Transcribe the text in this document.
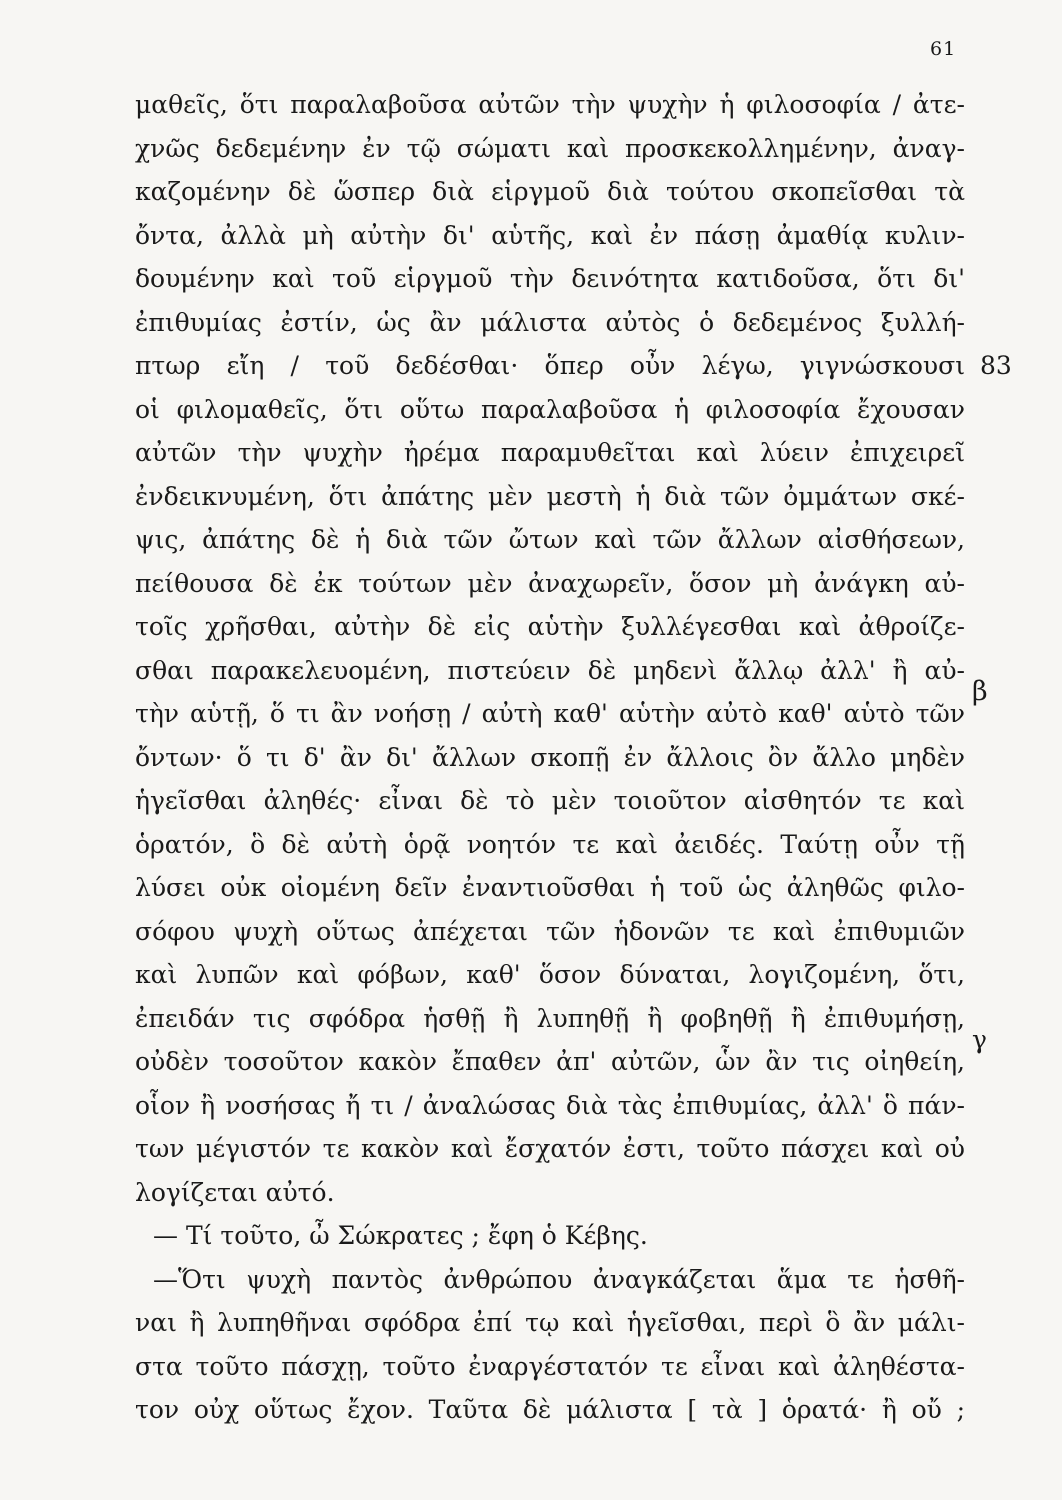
61
83
β
γ
μαθεῖς, ὅτι παραλαβοῦσα αὐτῶν τὴν ψυχὴν ἡ φιλοσοφία / ἀτε-
χνῶς δεδεμένην ἐν τῷ σώματι καὶ προσκεκολλημένην, ἀναγ-
καζομένην δὲ ὥσπερ διὰ εἱργμοῦ διὰ τούτου σκοπεῖσθαι τὰ
ὄντα, ἀλλὰ μὴ αὐτὴν δι' αὑτῆς, καὶ ἐν πάσῃ ἀμαθίᾳ κυλιν-
δουμένην καὶ τοῦ εἱργμοῦ τὴν δεινότητα κατιδοῦσα, ὅτι δι'
ἐπιθυμίας ἐστίν, ὡς ἂν μάλιστα αὐτὸς ὁ δεδεμένος ξυλλή-
πτωρ εἴη / τοῦ δεδέσθαι· ὅπερ οὖν λέγω, γιγνώσκουσι
οἱ φιλομαθεῖς, ὅτι οὕτω παραλαβοῦσα ἡ φιλοσοφία ἔχουσαν
αὐτῶν τὴν ψυχὴν ἠρέμα παραμυθεῖται καὶ λύειν ἐπιχειρεῖ
ἐνδεικνυμένη, ὅτι ἀπάτης μὲν μεστὴ ἡ διὰ τῶν ὀμμάτων σκέ-
ψις, ἀπάτης δὲ ἡ διὰ τῶν ὤτων καὶ τῶν ἄλλων αἰσθήσεων,
πείθουσα δὲ ἐκ τούτων μὲν ἀναχωρεῖν, ὅσον μὴ ἀνάγκη αὐ-
τοῖς χρῆσθαι, αὐτὴν δὲ εἰς αὑτὴν ξυλλέγεσθαι καὶ ἀθροίζε-
σθαι παρακελευομένη, πιστεύειν δὲ μηδενὶ ἄλλῳ ἀλλ' ἢ αὐ-
τὴν αὑτῇ, ὅ τι ἂν νοήσῃ / αὐτὴ καθ' αὑτὴν αὐτὸ καθ' αὑτὸ τῶν
ὄντων· ὅ τι δ' ἂν δι' ἄλλων σκοπῇ ἐν ἄλλοις ὂν ἄλλο μηδὲν
ἡγεῖσθαι ἀληθές· εἶναι δὲ τὸ μὲν τοιοῦτον αἰσθητόν τε καὶ
ὁρατόν, ὃ δὲ αὐτὴ ὁρᾷ νοητόν τε καὶ ἀειδές. Ταύτῃ οὖν τῇ
λύσει οὐκ οἰομένη δεῖν ἐναντιοῦσθαι ἡ τοῦ ὡς ἀληθῶς φιλο-
σόφου ψυχὴ οὕτως ἀπέχεται τῶν ἡδονῶν τε καὶ ἐπιθυμιῶν
καὶ λυπῶν καὶ φόβων, καθ' ὅσον δύναται, λογιζομένη, ὅτι,
ἐπειδάν τις σφόδρα ἡσθῇ ἢ λυπηθῇ ἢ φοβηθῇ ἢ ἐπιθυμήσῃ,
οὐδὲν τοσοῦτον κακὸν ἔπαθεν ἀπ' αὐτῶν, ὧν ἂν τις οἰηθείη,
οἷον ἢ νοσήσας ἤ τι / ἀναλώσας διὰ τὰς ἐπιθυμίας, ἀλλ' ὃ πάν-
των μέγιστόν τε κακὸν καὶ ἔσχατόν ἐστι, τοῦτο πάσχει καὶ οὐ
λογίζεται αὐτό.
— Τί τοῦτο, ὦ Σώκρατες ; ἔφη ὁ Κέβης.
—Ὅτι ψυχὴ παντὸς ἀνθρώπου ἀναγκάζεται ἅμα τε ἡσθῆ-
ναι ἢ λυπηθῆναι σφόδρα ἐπί τῳ καὶ ἡγεῖσθαι, περὶ ὃ ἂν μάλι-
στα τοῦτο πάσχῃ, τοῦτο ἐναργέστατόν τε εἶναι καὶ ἀληθέστα-
τον οὐχ οὕτως ἔχον. Ταῦτα δὲ μάλιστα [ τὰ ] ὁρατά· ἢ οὔ ;
